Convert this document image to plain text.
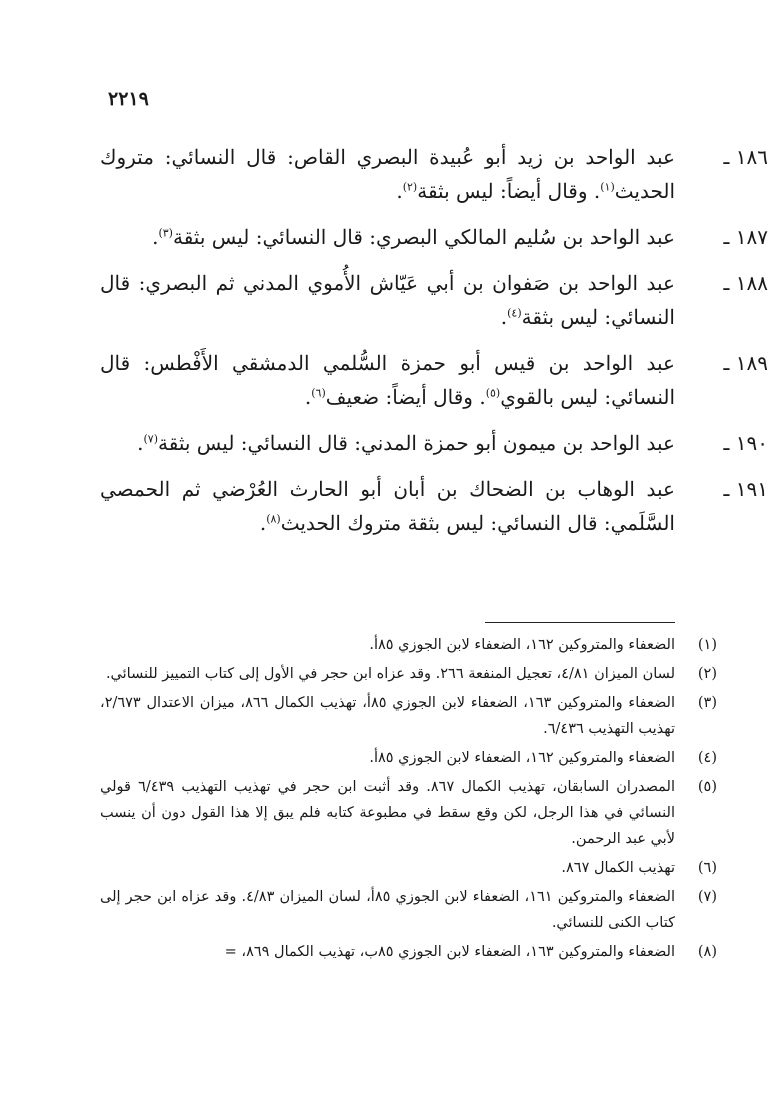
٢٢١٩
١٨٦ ـ
عبد الواحد بن زيد أبو عُبيدة البصري القاص: قال النسائي: متروك الحديث$^{(١)}$. وقال أيضاً: ليس بثقة$^{(٢)}$.
١٨٧ ـ
عبد الواحد بن سُليم المالكي البصري: قال النسائي: ليس بثقة$^{(٣)}$.
١٨٨ ـ
عبد الواحد بن صَفوان بن أبي عَيّاش الأُموي المدني ثم البصري: قال النسائي: ليس بثقة$^{(٤)}$.
١٨٩ ـ
عبد الواحد بن قيس أبو حمزة السُّلمي الدمشقي الأَفْطس: قال النسائي: ليس بالقوي$^{(٥)}$. وقال أيضاً: ضعيف$^{(٦)}$.
١٩٠ ـ
عبد الواحد بن ميمون أبو حمزة المدني: قال النسائي: ليس بثقة$^{(٧)}$.
١٩١ ـ
عبد الوهاب بن الضحاك بن أبان أبو الحارث العُرْضي ثم الحمصي السَّلَمي: قال النسائي: ليس بثقة متروك الحديث$^{(٨)}$.
(١)
الضعفاء والمتروكين ١٦٢، الضعفاء لابن الجوزي ٨٥أ.
(٢)
لسان الميزان ٤/٨١، تعجيل المنفعة ٢٦٦. وقد عزاه ابن حجر في الأول إلى كتاب التمييز للنسائي.
(٣)
الضعفاء والمتروكين ١٦٣، الضعفاء لابن الجوزي ٨٥أ، تهذيب الكمال ٨٦٦، ميزان الاعتدال ٢/٦٧٣، تهذيب التهذيب ٦/٤٣٦.
(٤)
الضعفاء والمتروكين ١٦٢، الضعفاء لابن الجوزي ٨٥أ.
(٥)
المصدران السابقان، تهذيب الكمال ٨٦٧. وقد أثبت ابن حجر في تهذيب التهذيب ٦/٤٣٩ قولي النسائي في هذا الرجل، لكن وقع سقط في مطبوعة كتابه فلم يبق إلا هذا القول دون أن ينسب لأبي عبد الرحمن.
(٦)
تهذيب الكمال ٨٦٧.
(٧)
الضعفاء والمتروكين ١٦١، الضعفاء لابن الجوزي ٨٥أ، لسان الميزان ٤/٨٣. وقد عزاه ابن حجر إلى كتاب الكنى للنسائي.
(٨)
الضعفاء والمتروكين ١٦٣، الضعفاء لابن الجوزي ٨٥ب، تهذيب الكمال ٨٦٩، =
